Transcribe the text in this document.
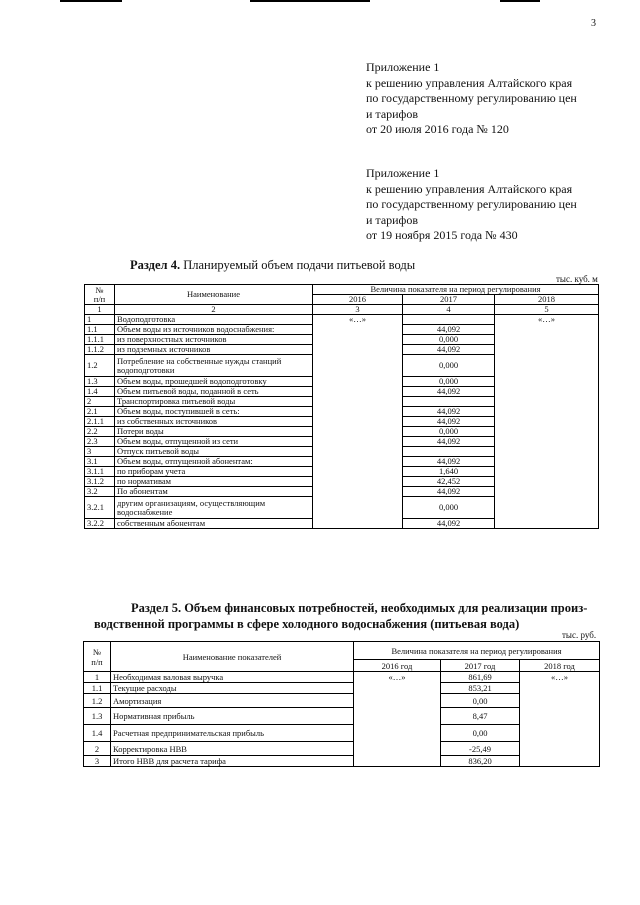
3
Приложение 1
к решению управления Алтайского края
по государственному регулированию цен
и тарифов
от 20 июля 2016 года № 120
Приложение 1
к решению управления Алтайского края
по государственному регулированию цен
и тарифов
от 19 ноября 2015 года № 430
Раздел 4. Планируемый объем подачи питьевой воды
тыс. куб. м
№
п/п	Наименование	Величина показателя на период регулирования		
		2016	2017	2018
1	2	3	4	5
1	Водоподготовка	«…»		«…»
1.1	Объем воды из источников водоснабжения:		44,092	
1.1.1	из поверхностных источников		0,000	
1.1.2	из подземных источников		44,092	
1.2	Потребление на собственные нужды станций водоподготовки		0,000	
1.3	Объем воды, прошедшей водоподготовку		0,000	
1.4	Объем питьевой воды, поданной в сеть		44,092	
2	Транспортировка питьевой воды			
2.1	Объем воды, поступившей в сеть:		44,092	
2.1.1	из собственных источников		44,092	
2.2	Потери воды		0,000	
2.3	Объем воды, отпущенной из сети		44,092	
3	Отпуск питьевой воды			
3.1	Объем воды, отпущенной абонентам:		44,092	
3.1.1	по приборам учета		1,640	
3.1.2	по нормативам		42,452	
3.2	По абонентам		44,092	
3.2.1	другим организациям, осуществляющим водоснабжение		0,000	
3.2.2	собственным абонентам		44,092	
Раздел 5. Объем финансовых потребностей, необходимых для реализации произ-
водственной программы в сфере холодного водоснабжения (питьевая вода)
тыс. руб.
№
п/п	Наименование показателей	Величина показателя на период регулирования		
		2016 год	2017 год	2018 год
1	Необходимая валовая выручка	«…»	861,69	«…»
1.1	Текущие расходы		853,21	
1.2	Амортизация		0,00	
1.3	Нормативная прибыль		8,47	
1.4	Расчетная предпринимательская прибыль		0,00	
2	Корректировка НВВ		-25,49	
3	Итого НВВ для расчета тарифа		836,20	
